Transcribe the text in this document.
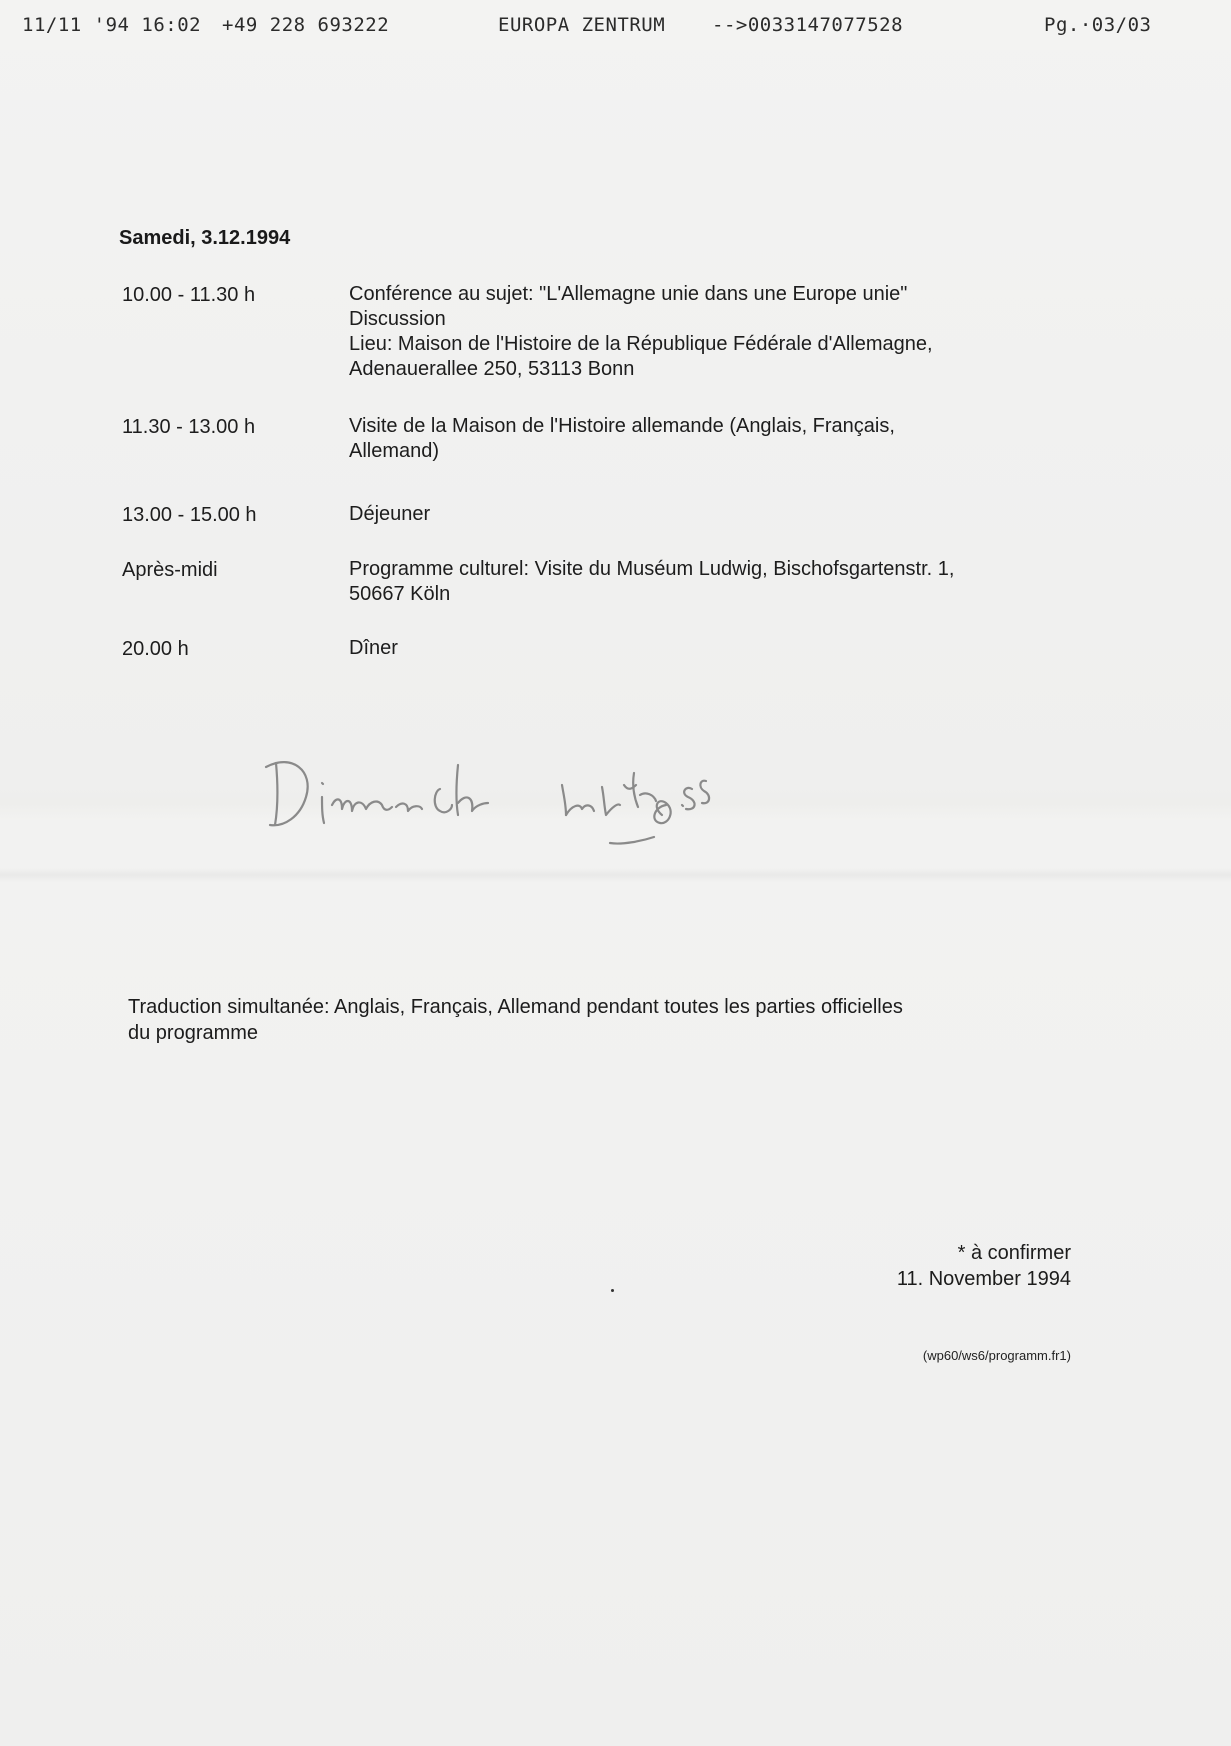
11/11 '94 16:02 +49 228 693222	EUROPA ZENTRUM -->0033147077528	Pg.·03/03
Samedi, 3.12.1994
10.00 - 11.30 h	Conférence au sujet: "L'Allemagne unie dans une Europe unie"
Discussion
Lieu: Maison de l'Histoire de la République Fédérale d'Allemagne,
Adenauerallee 250, 53113 Bonn
11.30 - 13.00 h	Visite de la Maison de l'Histoire allemande (Anglais, Français,
Allemand)
13.00 - 15.00 h	Déjeuner
Après-midi	Programme culturel: Visite du Muséum Ludwig, Bischofsgartenstr. 1,
50667 Köln
20.00 h	Dîner
Traduction simultanée: Anglais, Français, Allemand pendant toutes les parties officielles
du programme
* à confirmer
11. November 1994
(wp60/ws6/programm.fr1)
